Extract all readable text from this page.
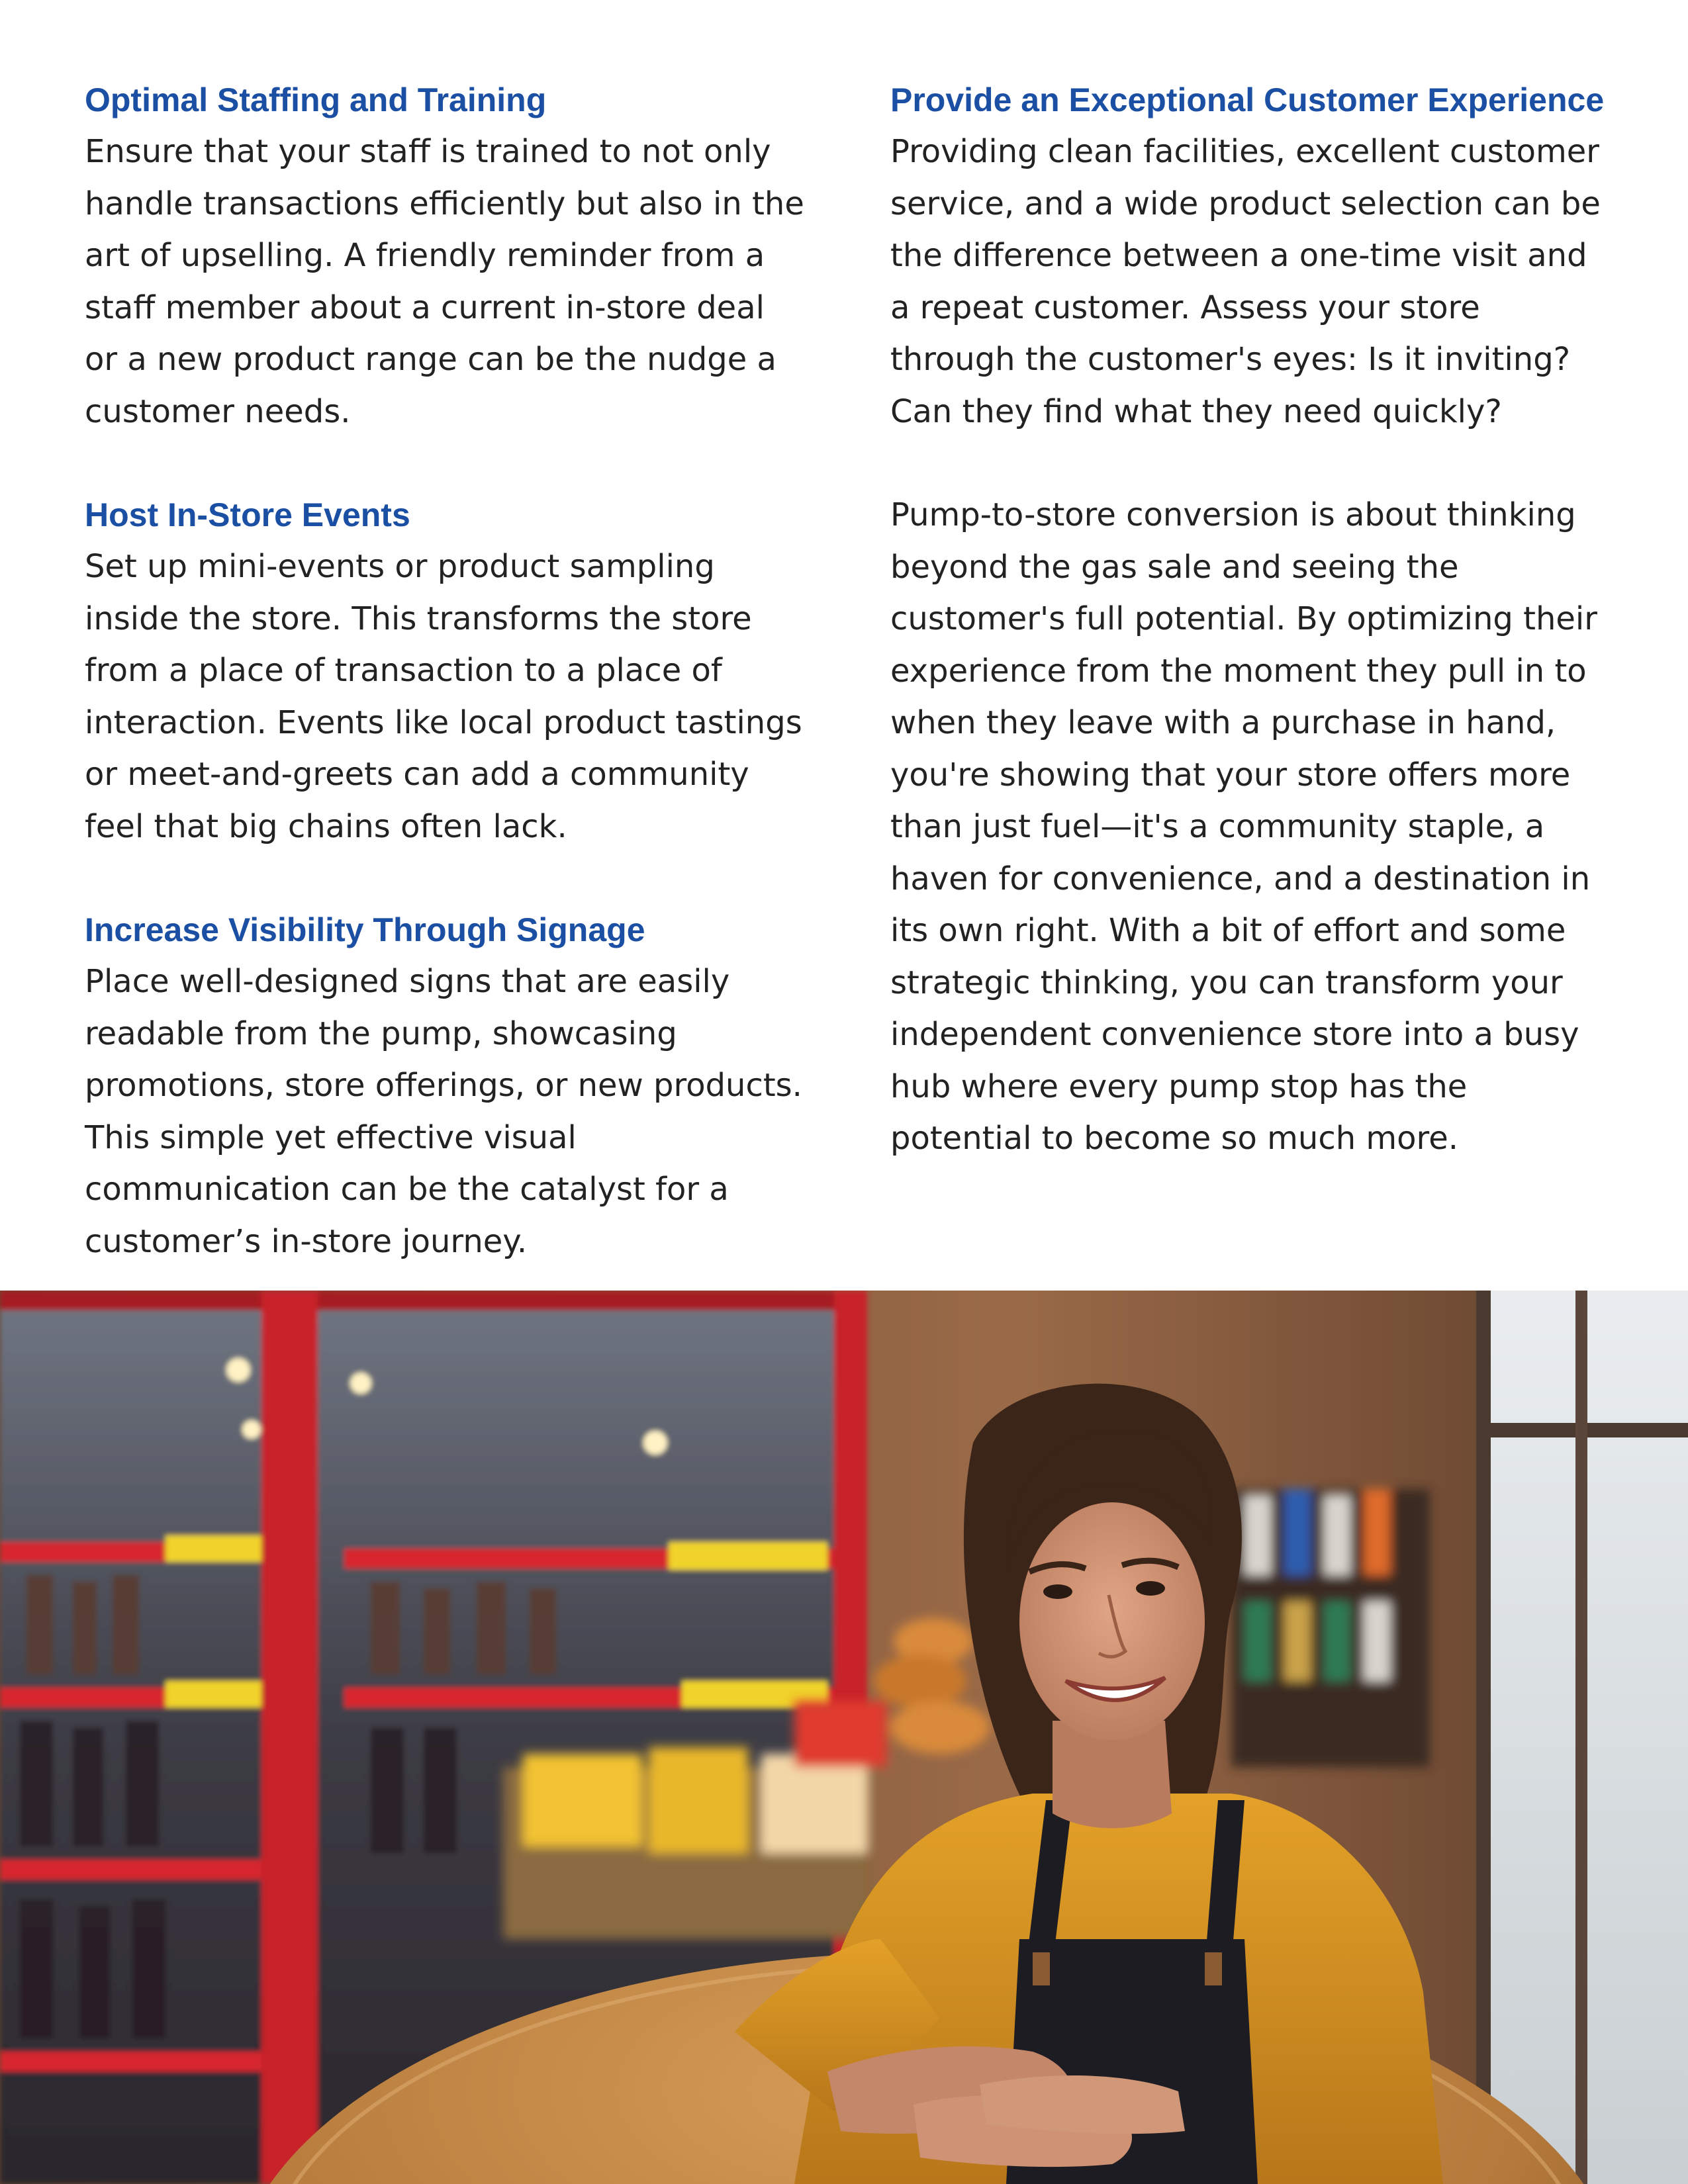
Optimal Staffing and Training

Ensure that your staff is trained to not only handle transactions efficiently but also in the art of upselling. A friendly reminder from a staff member about a current in-store deal or a new product range can be the nudge a customer needs.

Host In-Store Events

Set up mini-events or product sampling inside the store. This transforms the store from a place of transaction to a place of interaction. Events like local product tastings or meet-and-greets can add a community feel that big chains often lack.

Increase Visibility Through Signage

Place well-designed signs that are easily readable from the pump, showcasing promotions, store offerings, or new products. This simple yet effective visual communication can be the catalyst for a customer’s in-store journey.

Provide an Exceptional Customer Experience

Providing clean facilities, excellent customer service, and a wide product selection can be the difference between a one-time visit and a repeat customer. Assess your store through the customer's eyes: Is it inviting? Can they find what they need quickly?

Pump-to-store conversion is about thinking beyond the gas sale and seeing the customer's full potential. By optimizing their experience from the moment they pull in to when they leave with a purchase in hand, you're showing that your store offers more than just fuel—it's a community staple, a haven for convenience, and a destination in its own right. With a bit of effort and some strategic thinking, you can transform your independent convenience store into a busy hub where every pump stop has the potential to become so much more.
